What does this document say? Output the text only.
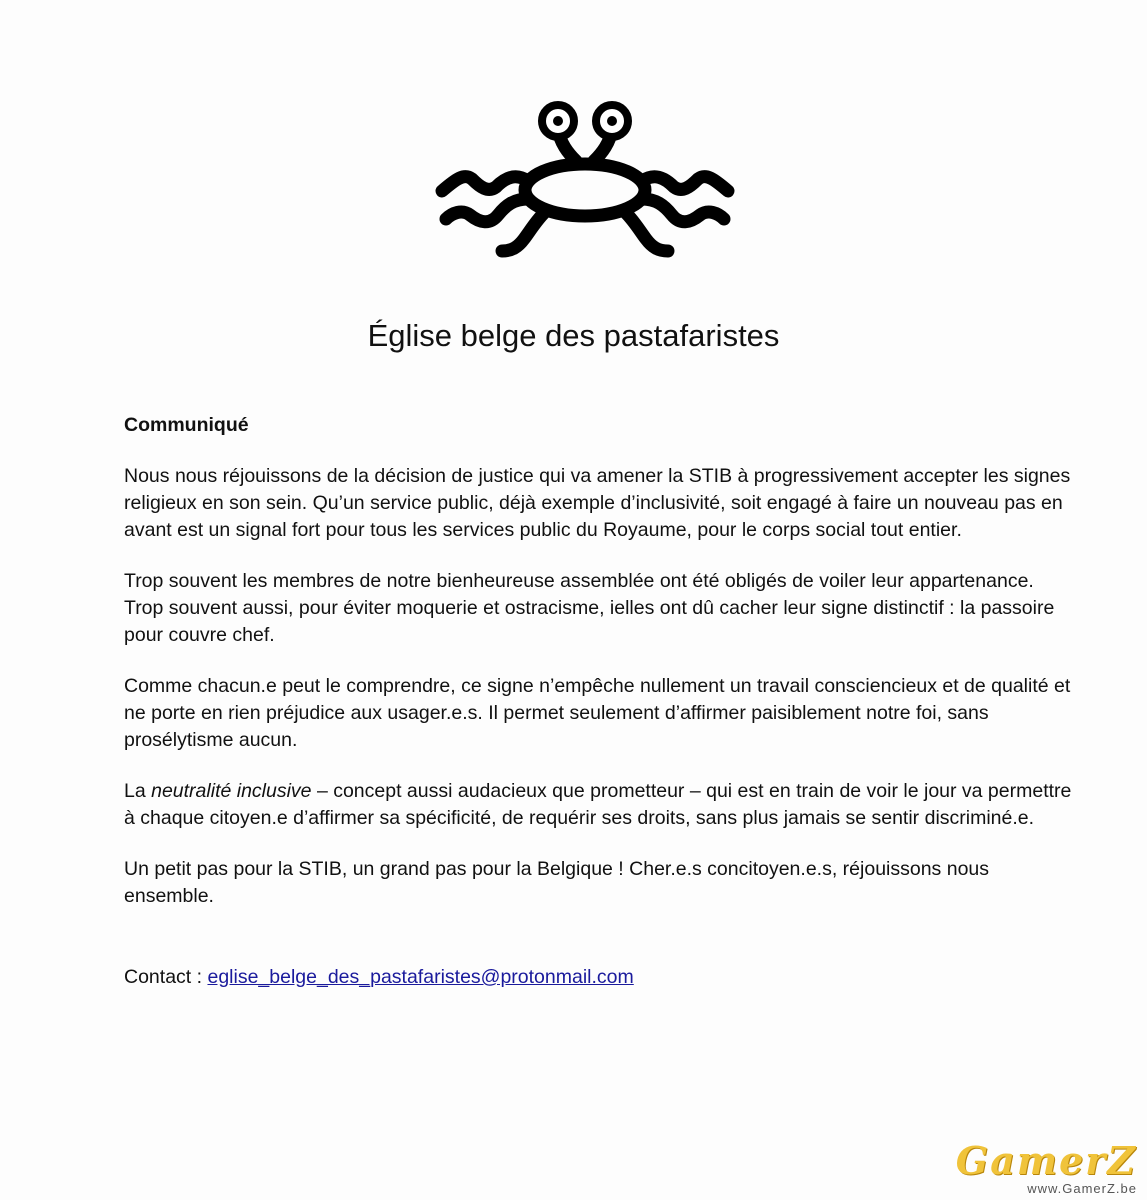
Église belge des pastafaristes

Communiqué

Nous nous réjouissons de la décision de justice qui va amener la STIB à progressivement accepter les signes religieux en son sein. Qu’un service public, déjà exemple d’inclusivité, soit engagé à faire un nouveau pas en avant est un signal fort pour tous les services public du Royaume, pour le corps social tout entier.

Trop souvent les membres de notre bienheureuse assemblée ont été obligés de voiler leur appartenance. Trop souvent aussi, pour éviter moquerie et ostracisme, ielles ont dû cacher leur signe distinctif : la passoire pour couvre chef.

Comme chacun.e peut le comprendre, ce signe n’empêche nullement un travail consciencieux et de qualité et ne porte en rien préjudice aux usager.e.s. Il permet seulement d’affirmer paisiblement notre foi, sans prosélytisme aucun.

La neutralité inclusive – concept aussi audacieux que prometteur – qui est en train de voir le jour va permettre à chaque citoyen.e d’affirmer sa spécificité, de requérir ses droits, sans plus jamais se sentir discriminé.e.

Un petit pas pour la STIB, un grand pas pour la Belgique ! Cher.e.s concitoyen.e.s, réjouissons nous ensemble.

Contact : eglise_belge_des_pastafaristes@protonmail.com

GamerZ
www.GamerZ.be
